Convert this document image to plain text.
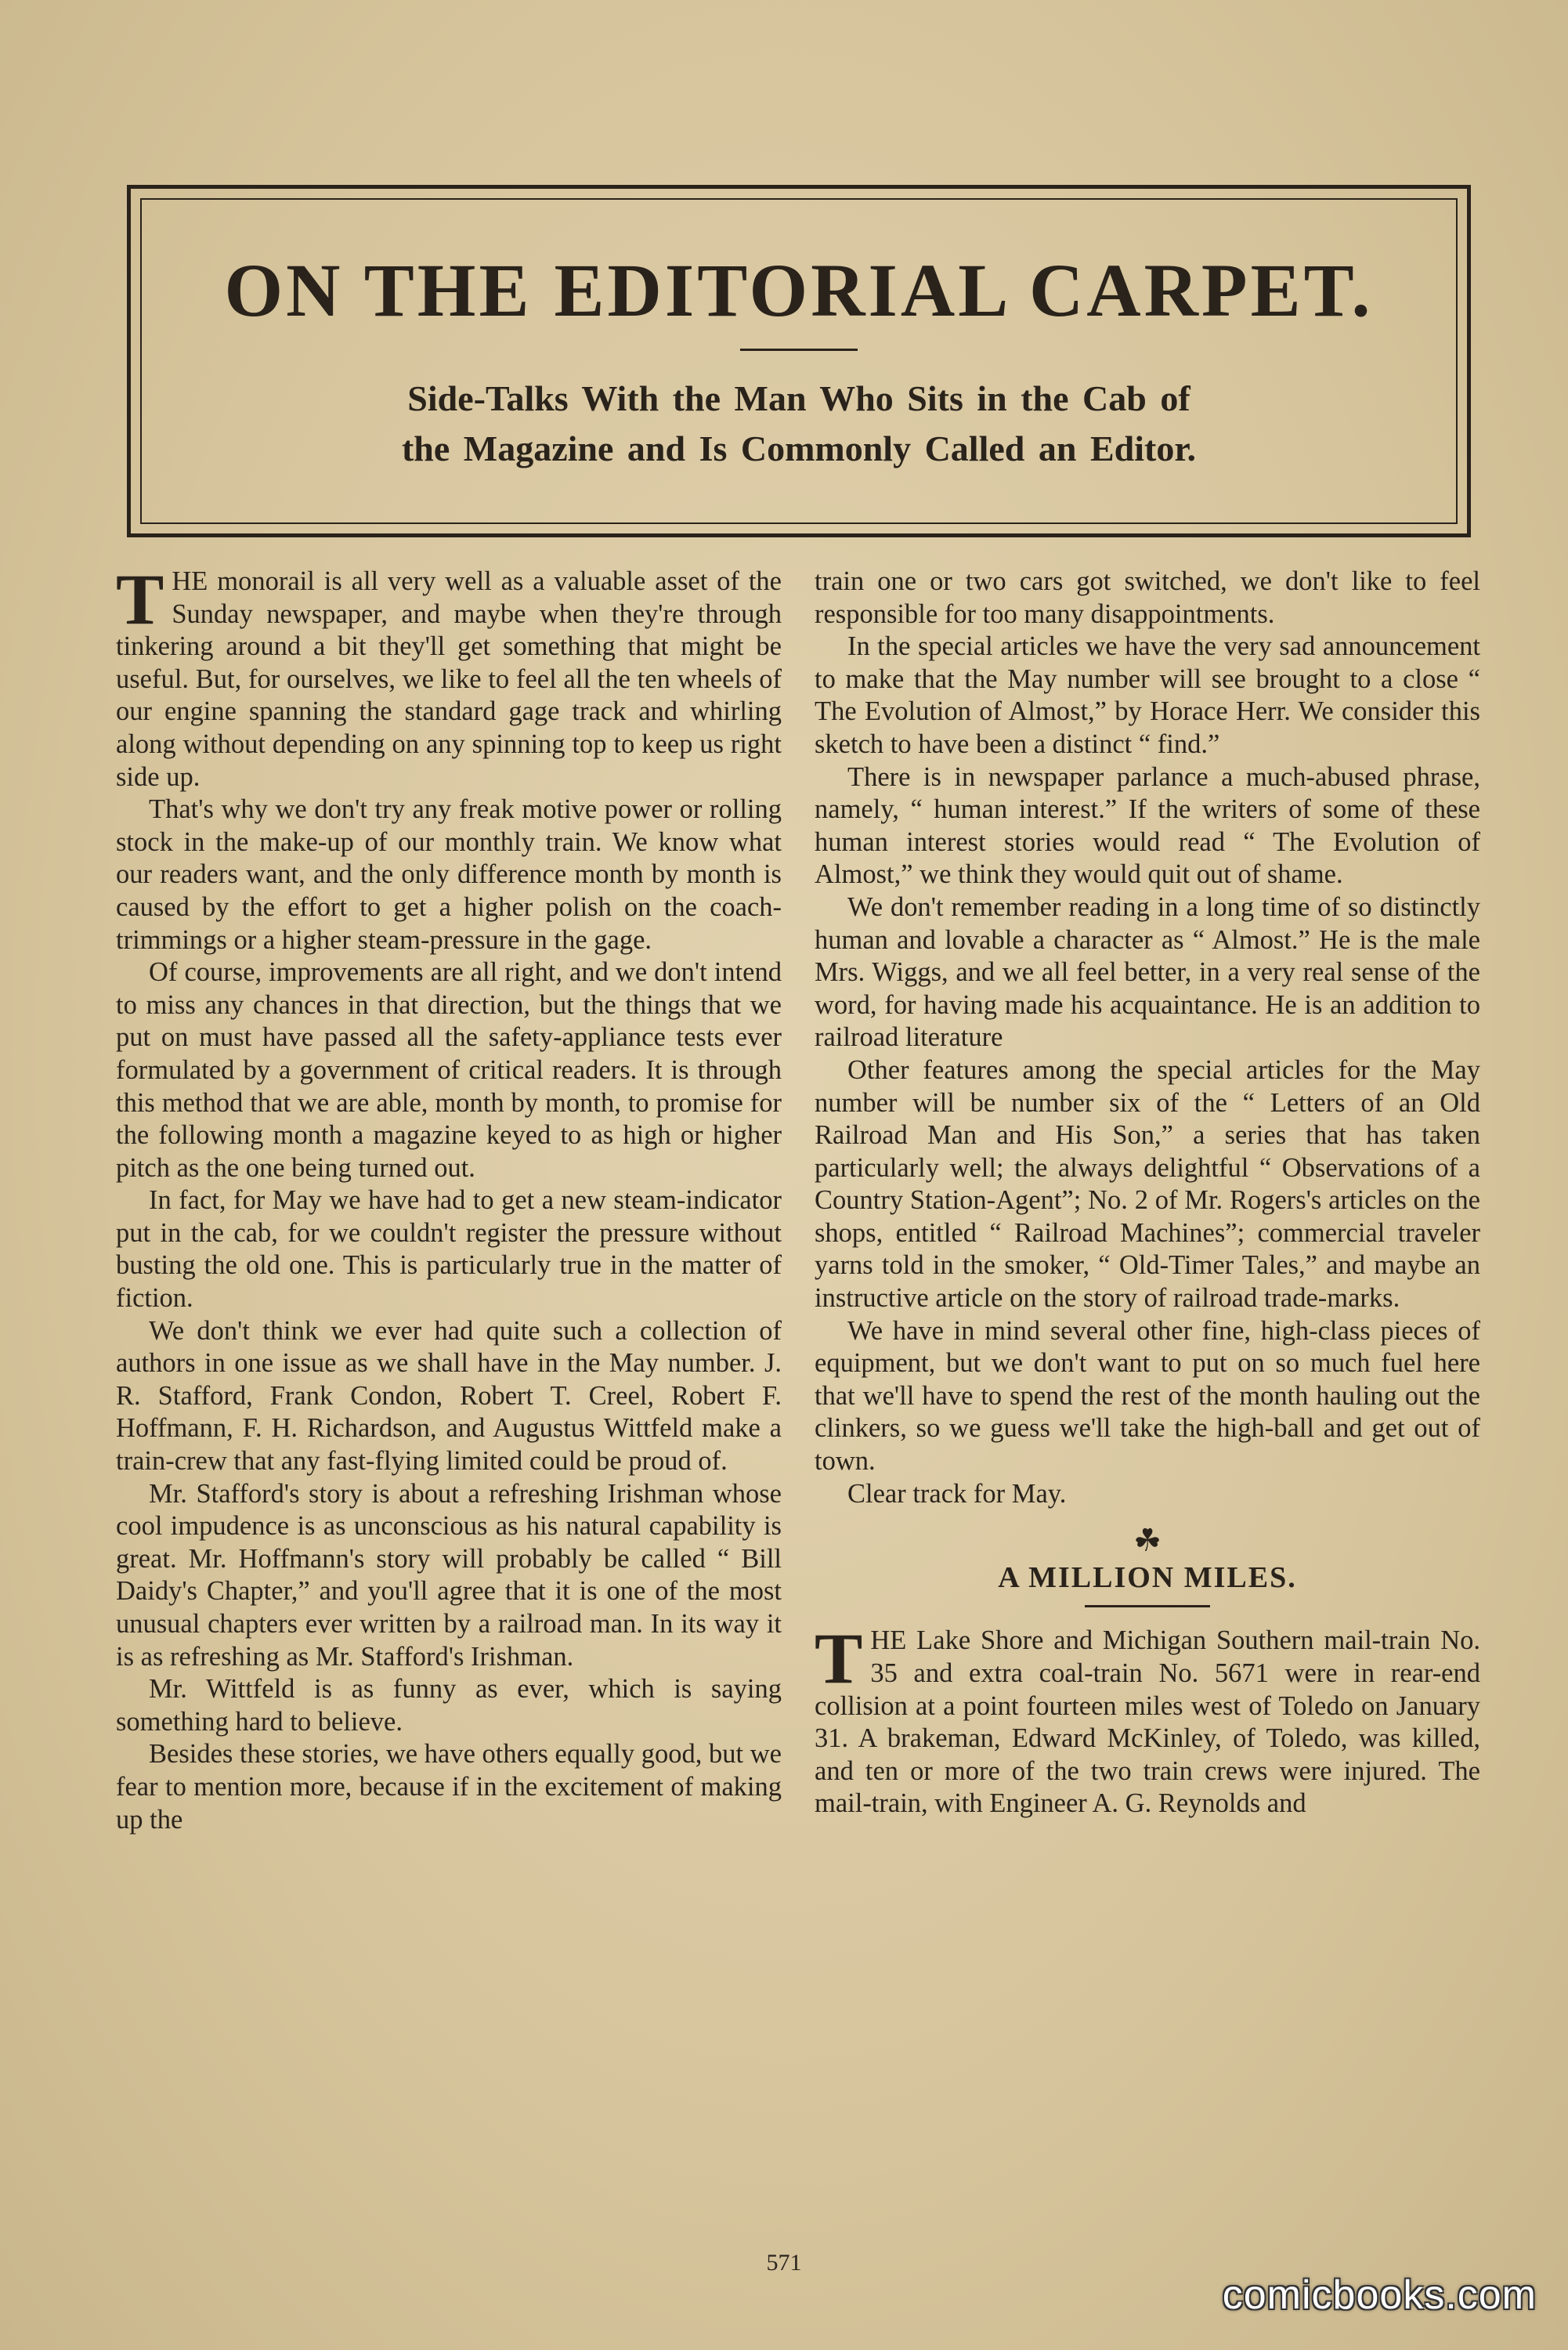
ON THE EDITORIAL CARPET.
Side-Talks With the Man Who Sits in the Cab of
the Magazine and Is Commonly Called an Editor.

THE monorail is all very well as a valuable asset of the Sunday newspaper, and maybe when they're through tinkering around a bit they'll get something that might be useful. But, for ourselves, we like to feel all the ten wheels of our engine spanning the standard gage track and whirling along without depending on any spinning top to keep us right side up.

That's why we don't try any freak motive power or rolling stock in the make-up of our monthly train. We know what our readers want, and the only difference month by month is caused by the effort to get a higher polish on the coach-trimmings or a higher steam-pressure in the gage.

Of course, improvements are all right, and we don't intend to miss any chances in that direction, but the things that we put on must have passed all the safety-appliance tests ever formulated by a government of critical readers. It is through this method that we are able, month by month, to promise for the following month a magazine keyed to as high or higher pitch as the one being turned out.

In fact, for May we have had to get a new steam-indicator put in the cab, for we couldn't register the pressure without busting the old one. This is particularly true in the matter of fiction.

We don't think we ever had quite such a collection of authors in one issue as we shall have in the May number. J. R. Stafford, Frank Condon, Robert T. Creel, Robert F. Hoffmann, F. H. Richardson, and Augustus Wittfeld make a train-crew that any fast-flying limited could be proud of.

Mr. Stafford's story is about a refreshing Irishman whose cool impudence is as unconscious as his natural capability is great. Mr. Hoffmann's story will probably be called “ Bill Daidy's Chapter,” and you'll agree that it is one of the most unusual chapters ever written by a railroad man. In its way it is as refreshing as Mr. Stafford's Irishman.

Mr. Wittfeld is as funny as ever, which is saying something hard to believe.

Besides these stories, we have others equally good, but we fear to mention more, because if in the excitement of making up the

train one or two cars got switched, we don't like to feel responsible for too many disappointments.

In the special articles we have the very sad announcement to make that the May number will see brought to a close “ The Evolution of Almost,” by Horace Herr. We consider this sketch to have been a distinct “ find.”

There is in newspaper parlance a much-abused phrase, namely, “ human interest.” If the writers of some of these human interest stories would read “ The Evolution of Almost,” we think they would quit out of shame.

We don't remember reading in a long time of so distinctly human and lovable a character as “ Almost.” He is the male Mrs. Wiggs, and we all feel better, in a very real sense of the word, for having made his acquaintance. He is an addition to railroad literature

Other features among the special articles for the May number will be number six of the “ Letters of an Old Railroad Man and His Son,” a series that has taken particularly well; the always delightful “ Observations of a Country Station-Agent”; No. 2 of Mr. Rogers's articles on the shops, entitled “ Railroad Machines”; commercial traveler yarns told in the smoker, “ Old-Timer Tales,” and maybe an instructive article on the story of railroad trade-marks.

We have in mind several other fine, high-class pieces of equipment, but we don't want to put on so much fuel here that we'll have to spend the rest of the month hauling out the clinkers, so we guess we'll take the high-ball and get out of town.

Clear track for May.

☘
A MILLION MILES.

THE Lake Shore and Michigan Southern mail-train No. 35 and extra coal-train No. 5671 were in rear-end collision at a point fourteen miles west of Toledo on January 31. A brakeman, Edward McKinley, of Toledo, was killed, and ten or more of the two train crews were injured. The mail-train, with Engineer A. G. Reynolds and

571
comicbooks.com
